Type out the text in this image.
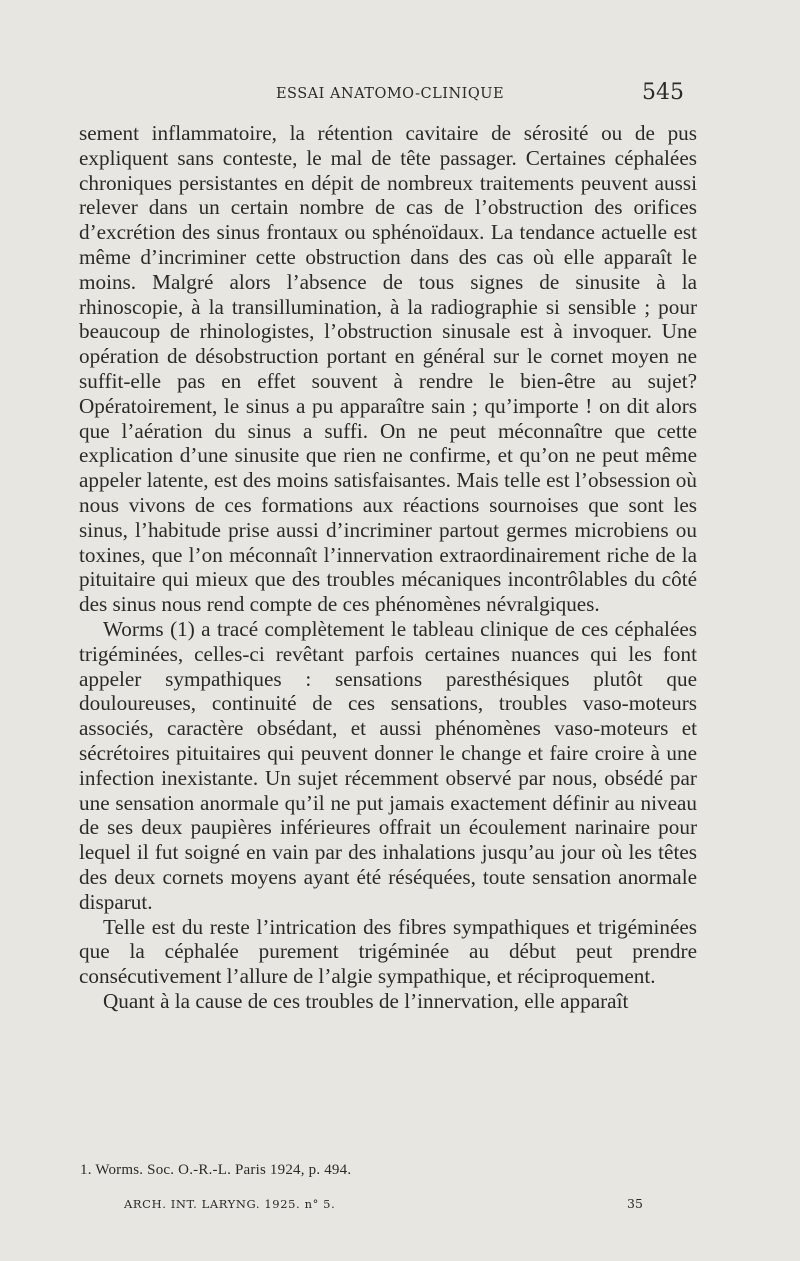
ESSAI ANATOMO-CLINIQUE	545

sement inflammatoire, la rétention cavitaire de sérosité ou de pus expliquent sans conteste, le mal de tête passager. Certaines céphalées chroniques persistantes en dépit de nombreux traitements peuvent aussi relever dans un certain nombre de cas de l’obstruction des orifices d’excrétion des sinus frontaux ou sphénoïdaux. La tendance actuelle est même d’incriminer cette obstruction dans des cas où elle apparaît le moins. Malgré alors l’absence de tous signes de sinusite à la rhinoscopie, à la transillumination, à la radiographie si sensible ; pour beaucoup de rhinologistes, l’obstruction sinusale est à invoquer. Une opération de désobstruction portant en général sur le cornet moyen ne suffit-elle pas en effet souvent à rendre le bien-être au sujet? Opératoirement, le sinus a pu apparaître sain ; qu’importe ! on dit alors que l’aération du sinus a suffi. On ne peut méconnaître que cette explication d’une sinusite que rien ne confirme, et qu’on ne peut même appeler latente, est des moins satisfaisantes. Mais telle est l’obsession où nous vivons de ces formations aux réactions sournoises que sont les sinus, l’habitude prise aussi d’incriminer partout germes microbiens ou toxines, que l’on méconnaît l’innervation extraordinairement riche de la pituitaire qui mieux que des troubles mécaniques incontrôlables du côté des sinus nous rend compte de ces phénomènes névralgiques.

Worms (1) a tracé complètement le tableau clinique de ces céphalées trigéminées, celles-ci revêtant parfois certaines nuances qui les font appeler sympathiques : sensations paresthésiques plutôt que douloureuses, continuité de ces sensations, troubles vaso-moteurs associés, caractère obsédant, et aussi phénomènes vaso-moteurs et sécrétoires pituitaires qui peuvent donner le change et faire croire à une infection inexistante. Un sujet récemment observé par nous, obsédé par une sensation anormale qu’il ne put jamais exactement définir au niveau de ses deux paupières inférieures offrait un écoulement narinaire pour lequel il fut soigné en vain par des inhalations jusqu’au jour où les têtes des deux cornets moyens ayant été réséquées, toute sensation anormale disparut.

Telle est du reste l’intrication des fibres sympathiques et trigéminées que la céphalée purement trigéminée au début peut prendre consécutivement l’allure de l’algie sympathique, et réciproquement.

Quant à la cause de ces troubles de l’innervation, elle apparaît

1. Worms. Soc. O.-R.-L. Paris 1924, p. 494.
ARCH. INT. LARYNG. 1925. n° 5.	35
